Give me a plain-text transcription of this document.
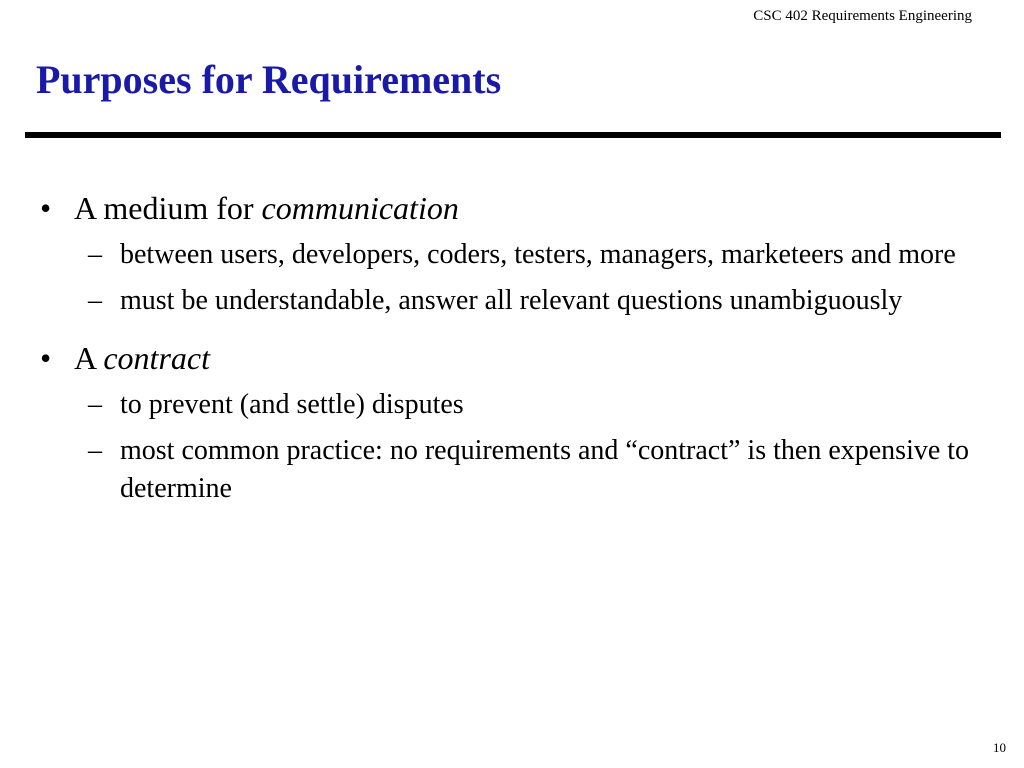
CSC 402 Requirements Engineering
Purposes for Requirements
• A medium for communication
– between users, developers, coders, testers, managers, marketeers and more
– must be understandable, answer all relevant questions unambiguously
• A contract
– to prevent (and settle) disputes
– most common practice: no requirements and “contract” is then expensive to determine
10
